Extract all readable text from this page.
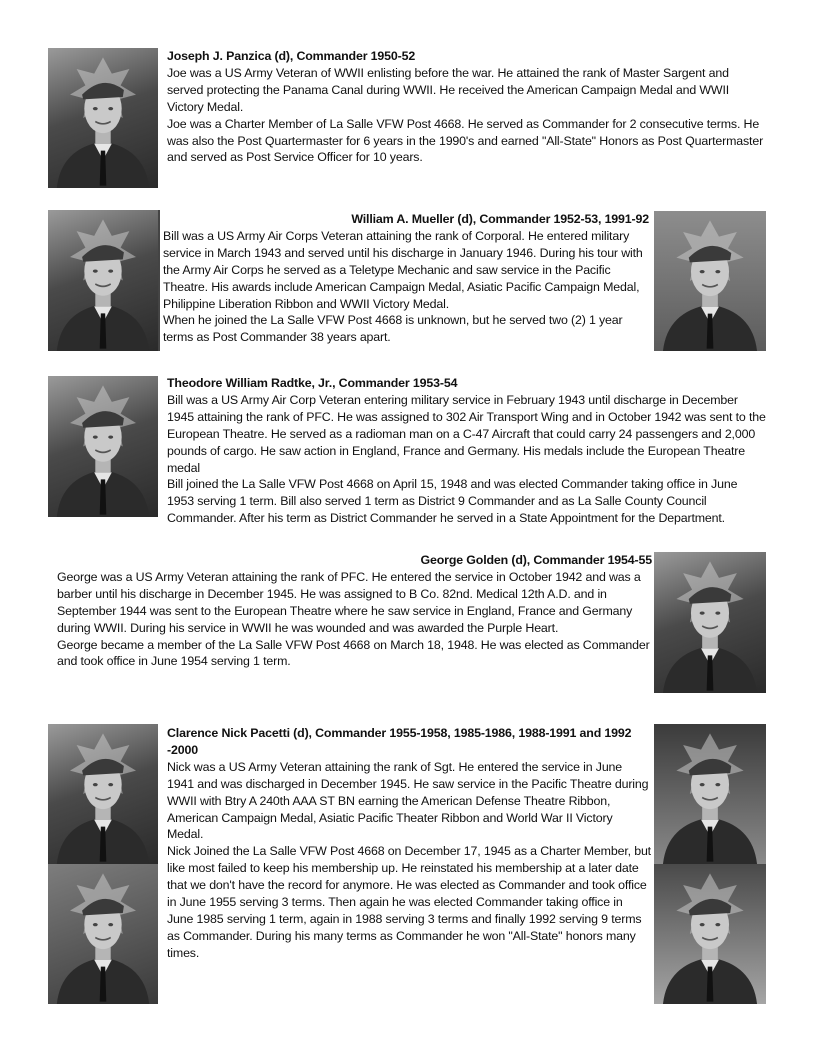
Joseph J. Panzica (d), Commander 1950-52

Joe was a US Army Veteran of WWII enlisting before the war. He attained the rank of Master Sargent and served protecting the Panama Canal during WWII. He received the American Campaign Medal and WWII Victory Medal.

Joe was a Charter Member of La Salle VFW Post 4668. He served as Commander for 2 consecutive terms. He was also the Post Quartermaster for 6 years in the 1990's and earned "All-State" Honors as Post Quartermaster and served as Post Service Officer for 10 years.

William A. Mueller (d), Commander 1952-53, 1991-92

Bill was a US Army Air Corps Veteran attaining the rank of Corporal. He entered military service in March 1943 and served until his discharge in January 1946. During his tour with the Army Air Corps he served as a Teletype Mechanic and saw service in the Pacific Theatre. His awards include American Campaign Medal, Asiatic Pacific Campaign Medal, Philippine Liberation Ribbon and WWII Victory Medal.

When he joined the La Salle VFW Post 4668 is unknown, but he served two (2) 1 year terms as Post Commander 38 years apart.

Theodore William Radtke, Jr., Commander 1953-54

Bill was a US Army Air Corp Veteran entering military service in February 1943 until discharge in December 1945 attaining the rank of PFC. He was assigned to 302 Air Transport Wing and in October 1942 was sent to the European Theatre. He served as a radioman man on a C-47 Aircraft that could carry 24 passengers and 2,000 pounds of cargo. He saw action in England, France and Germany. His medals include the European Theatre medal

Bill joined the La Salle VFW Post 4668 on April 15, 1948 and was elected Commander taking office in June 1953 serving 1 term. Bill also served 1 term as District 9 Commander and as La Salle County Council Commander. After his term as District Commander he served in a State Appointment for the Department.

George Golden (d), Commander 1954-55

George was a US Army Veteran attaining the rank of PFC. He entered the service in October 1942 and was a barber until his discharge in December 1945. He was assigned to B Co. 82nd. Medical 12th A.D. and in September 1944 was sent to the European Theatre where he saw service in England, France and Germany during WWII. During his service in WWII he was wounded and was awarded the Purple Heart.

George became a member of the La Salle VFW Post 4668 on March 18, 1948. He was elected as Commander and took office in June 1954 serving 1 term.

Clarence Nick Pacetti (d), Commander 1955-1958, 1985-1986, 1988-1991 and 1992 -2000

Nick was a US Army Veteran attaining the rank of Sgt. He entered the service in June 1941 and was discharged in December 1945. He saw service in the Pacific Theatre during WWII with Btry A 240th AAA ST BN earning the American Defense Theatre Ribbon, American Campaign Medal, Asiatic Pacific Theater Ribbon and World War II Victory Medal.

Nick Joined the La Salle VFW Post 4668 on December 17, 1945 as a Charter Member, but like most failed to keep his membership up. He reinstated his membership at a later date that we don't have the record for anymore. He was elected as Commander and took office in June 1955 serving 3 terms. Then again he was elected Commander taking office in June 1985 serving 1 term, again in 1988 serving 3 terms and finally 1992 serving 9 terms as Commander. During his many terms as Commander he won "All-State" honors many times.
